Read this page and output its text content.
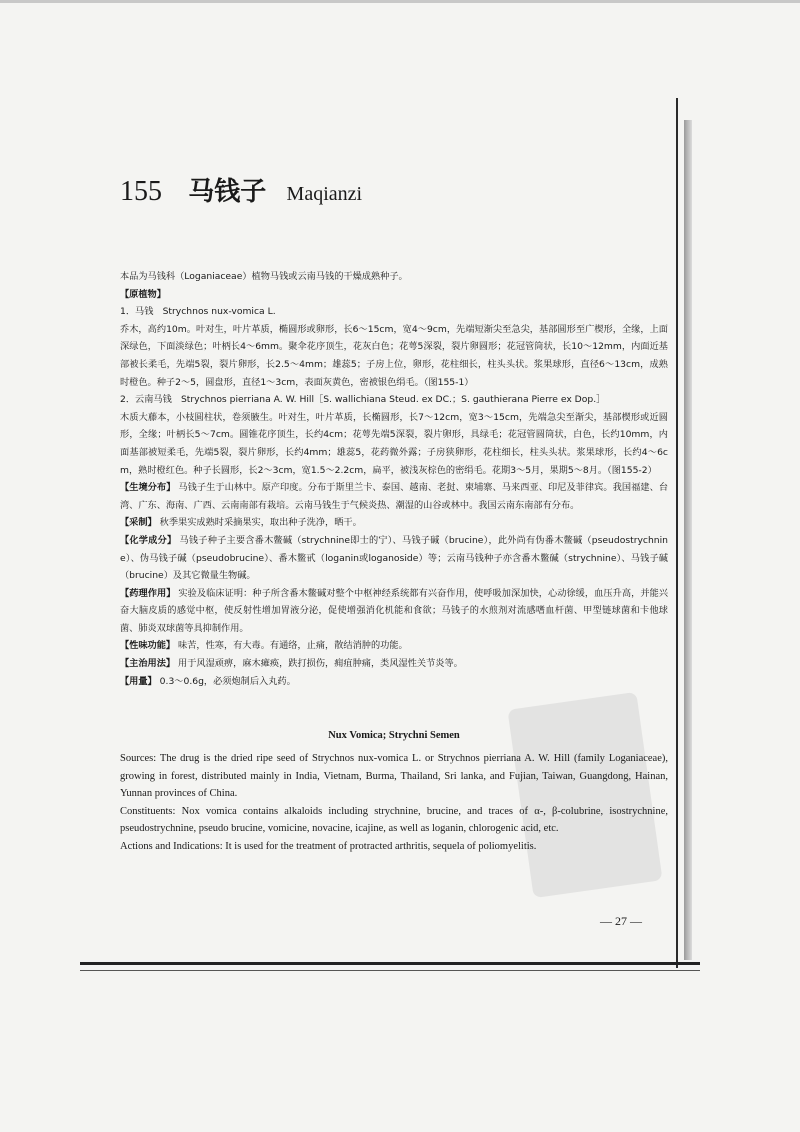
155 马钱子 Maqianzi

本品为马钱科（Loganiaceae）植物马钱或云南马钱的干燥成熟种子。

【原植物】

1．马钱　Strychnos nux-vomica L.

乔木，高约10m。叶对生，叶片革质，椭圆形或卵形，长6～15cm，宽4～9cm，先端短渐尖至急尖，基部圆形至广楔形，全缘，上面深绿色，下面淡绿色；叶柄长4～6mm。聚伞花序顶生，花灰白色；花萼5深裂，裂片卵圆形；花冠管筒状，长10～12mm，内面近基部被长柔毛，先端5裂，裂片卵形，长2.5～4mm；雄蕊5；子房上位，卵形，花柱细长，柱头头状。浆果球形，直径6～13cm，成熟时橙色。种子2～5，圆盘形，直径1～3cm，表面灰黄色，密被银色绢毛。（图155-1）

2．云南马钱　Strychnos pierriana A. W. Hill［S. wallichiana Steud. ex DC.；S. gauthierana Pierre ex Dop.］

木质大藤本，小枝圆柱状，卷须腋生。叶对生，叶片革质，长椭圆形，长7～12cm，宽3～15cm，先端急尖至渐尖，基部楔形或近圆形，全缘；叶柄长5～7cm。圆锥花序顶生，长约4cm；花萼先端5深裂，裂片卵形，具绿毛；花冠管圆筒状，白色，长约10mm，内面基部被短柔毛，先端5裂，裂片卵形，长约4mm；雄蕊5，花药微外露；子房狭卵形，花柱细长，柱头头状。浆果球形，长约4～6cm，熟时橙红色。种子长圆形，长2～3cm，宽1.5～2.2cm，扁平，被浅灰棕色的密绢毛。花期3～5月，果期5～8月。（图155-2）

【生境分布】 马钱子生于山林中。原产印度。分布于斯里兰卡、泰国、越南、老挝、柬埔寨、马来西亚、印尼及菲律宾。我国福建、台湾、广东、海南、广西、云南南部有栽培。云南马钱生于气候炎热、潮湿的山谷或林中。我国云南东南部有分布。

【采制】 秋季果实成熟时采摘果实，取出种子洗净，晒干。

【化学成分】 马钱子种子主要含番木鳖碱（strychnine即士的宁）、马钱子碱（brucine），此外尚有伪番木鳖碱（pseudostrychnine）、伪马钱子碱（pseudobrucine）、番木鳖甙（loganin或loganoside）等；云南马钱种子亦含番木鳖碱（strychnine）、马钱子碱（brucine）及其它微量生物碱。

【药理作用】 实验及临床证明：种子所含番木鳖碱对整个中枢神经系统都有兴奋作用，使呼吸加深加快，心动徐缓，血压升高，并能兴奋大脑皮质的感觉中枢，使反射性增加胃液分泌，促使增强消化机能和食欲；马钱子的水煎剂对流感嗜血杆菌、甲型链球菌和卡他球菌、肺炎双球菌等具抑制作用。

【性味功能】 味苦，性寒，有大毒。有通络，止痛，散结消肿的功能。

【主治用法】 用于风湿顽痹，麻木瘫痪，跌打损伤，痈疽肿痛，类风湿性关节炎等。

【用量】 0.3～0.6g，必须炮制后入丸药。

Nux Vomica; Strychni Semen

Sources: The drug is the dried ripe seed of Strychnos nux-vomica L. or Strychnos pierriana A. W. Hill (family Loganiaceae), growing in forest, distributed mainly in India, Vietnam, Burma, Thailand, Sri lanka, and Fujian, Taiwan, Guangdong, Hainan, Yunnan provinces of China.

Constituents: Nox vomica contains alkaloids including strychnine, brucine, and traces of α-, β-colubrine, isostrychnine, pseudostrychnine, pseudo brucine, vomicine, novacine, icajine, as well as loganin, chlorogenic acid, etc.

Actions and Indications: It is used for the treatment of protracted arthritis, sequela of poliomyelitis.

— 27 —
